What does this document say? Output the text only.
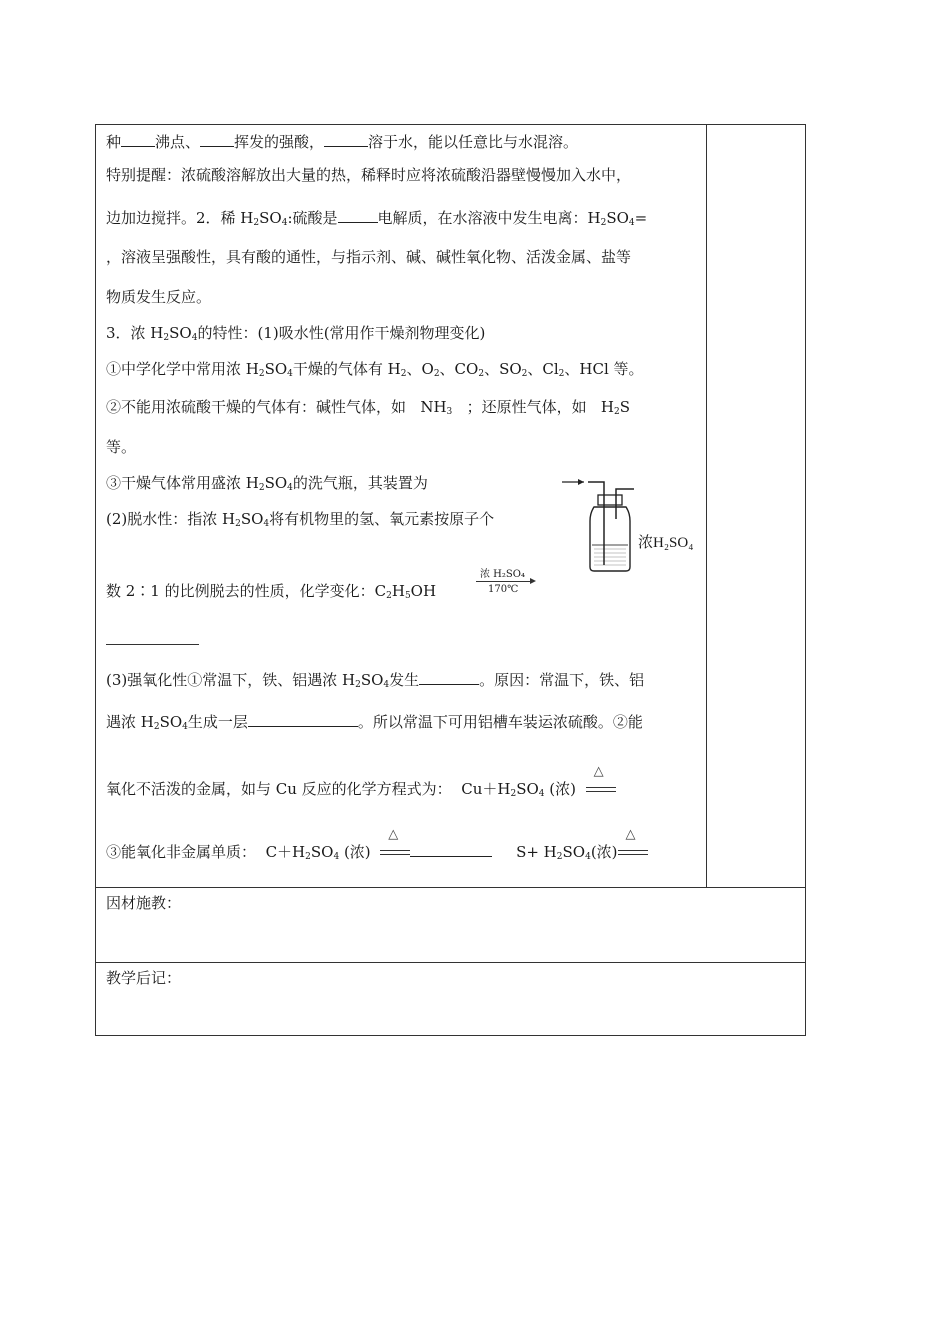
种 沸点、 挥发的强酸，	溶于水，能以任意比与水混溶。
特别提醒：浓硫酸溶解放出大量的热，稀释时应将浓硫酸沿器壁慢慢加入水中，
边加边搅拌。2．稀 $H_2SO_4$:硫酸是	电解质，在水溶液中发生电离：$H_2SO_4=$
，溶液呈强酸性，具有酸的通性，与指示剂、碱、碱性氧化物、活泼金属、盐等
物质发生反应。
3．浓 $H_2SO_4$的特性：(1)吸水性(常用作干燥剂物理变化)
①中学化学中常用浓 $H_2SO_4$干燥的气体有 $H_2$、$O_2$、$CO_2$、$SO_2$、$Cl_2$、HCl 等。
②不能用浓硫酸干燥的气体有：碱性气体，如 $NH_3$ ；还原性气体，如 $H_2S$
等。
③干燥气体常用盛浓 $H_2SO_4$的洗气瓶，其装置为
(2)脱水性：指浓 $H_2SO_4$将有机物里的氢、氧元素按原子个
数 2∶1 的比例脱去的性质，化学变化：$C_2H_5OH$
浓 H₂SO₄
170℃
(3)强氧化性①常温下，铁、铝遇浓 $H_2SO_4$发生	。原因：常温下，铁、铝
遇浓 $H_2SO_4$生成一层	。所以常温下可用铝槽车装运浓硫酸。②能
氧化不活泼的金属，如与 Cu 反应的化学方程式为： $Cu+H_2SO_4$ (浓)
△
③能氧化非金属单质： $C+H_2SO_4$ (浓)
△
$S+ H_2SO_4$(浓)
△
浓H₂SO₄
因材施教：
教学后记：
